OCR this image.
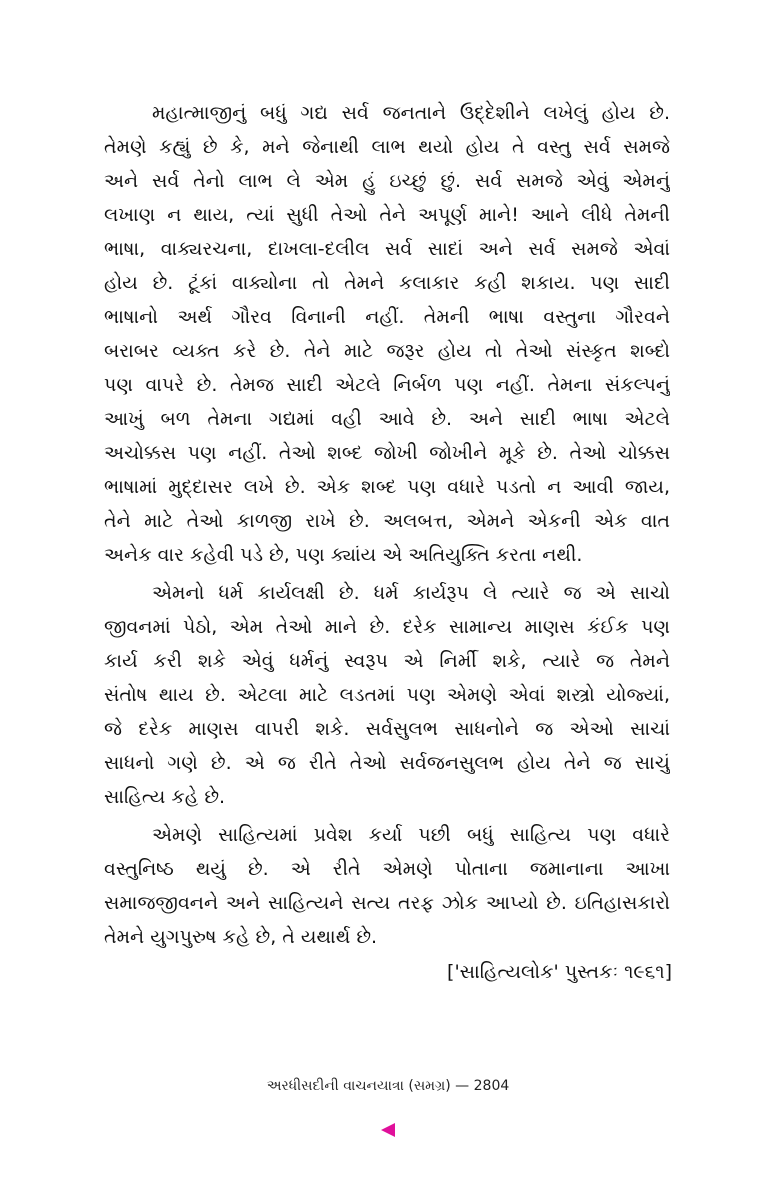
મહાત્માજીનું બધું ગદ્ય સર્વ જનતાને ઉદ્દેશીને લખેલું હોય છે.
તેમણે કહ્યું છે કે, મને જેનાથી લાભ થયો હોય તે વસ્તુ સર્વ સમજે
અને સર્વ તેનો લાભ લે એમ હું ઇચ્છું છું. સર્વ સમજે એવું એમનું
લખાણ ન થાય, ત્યાં સુધી તેઓ તેને અપૂર્ણ માને! આને લીધે તેમની
ભાષા, વાક્યરચના, દાખલા-દલીલ સર્વ સાદાં અને સર્વ સમજે એવાં
હોય છે. ટૂંકાં વાક્યોના તો તેમને કલાકાર કહી શકાય. પણ સાદી
ભાષાનો અર્થ ગૌરવ વિનાની નહીં. તેમની ભાષા વસ્તુના ગૌરવને
બરાબર વ્યક્ત કરે છે. તેને માટે જરૂર હોય તો તેઓ સંસ્કૃત શબ્દો
પણ વાપરે છે. તેમજ સાદી એટલે નિર્બળ પણ નહીં. તેમના સંકલ્પનું
આખું બળ તેમના ગદ્યમાં વહી આવે છે. અને સાદી ભાષા એટલે
અચોક્કસ પણ નહીં. તેઓ શબ્દ જોખી જોખીને મૂકે છે. તેઓ ચોક્કસ
ભાષામાં મુદ્દાસર લખે છે. એક શબ્દ પણ વધારે પડતો ન આવી જાય,
તેને માટે તેઓ કાળજી રાખે છે. અલબત્ત, એમને એકની એક વાત
અનેક વાર કહેવી પડે છે, પણ ક્યાંય એ અતિયુક્તિ કરતા નથી.
એમનો ધર્મ કાર્યલક્ષી છે. ધર્મ કાર્યરૂપ લે ત્યારે જ એ સાચો
જીવનમાં પેઠો, એમ તેઓ માને છે. દરેક સામાન્ય માણસ કંઈક પણ
કાર્ય કરી શકે એવું ધર્મનું સ્વરૂપ એ નિર્મી શકે, ત્યારે જ તેમને
સંતોષ થાય છે. એટલા માટે લડતમાં પણ એમણે એવાં શસ્ત્રો યોજ્યાં,
જે દરેક માણસ વાપરી શકે. સર્વસુલભ સાધનોને જ એઓ સાચાં
સાધનો ગણે છે. એ જ રીતે તેઓ સર્વજનસુલભ હોય તેને જ સાચું
સાહિત્ય કહે છે.
એમણે સાહિત્યમાં પ્રવેશ કર્યા પછી બધું સાહિત્ય પણ વધારે
વસ્તુનિષ્ઠ થયું છે. એ રીતે એમણે પોતાના જમાનાના આખા
સમાજજીવનને અને સાહિત્યને સત્ય તરફ ઝોક આપ્યો છે. ઇતિહાસકારો
તેમને યુગપુરુષ કહે છે, તે યથાર્થ છે.
['સાહિત્યલોક' પુસ્તકઃ ૧૯૬૧]
અરધીસદીની વાચનયાત્રા (સમગ્ર) — 2804
